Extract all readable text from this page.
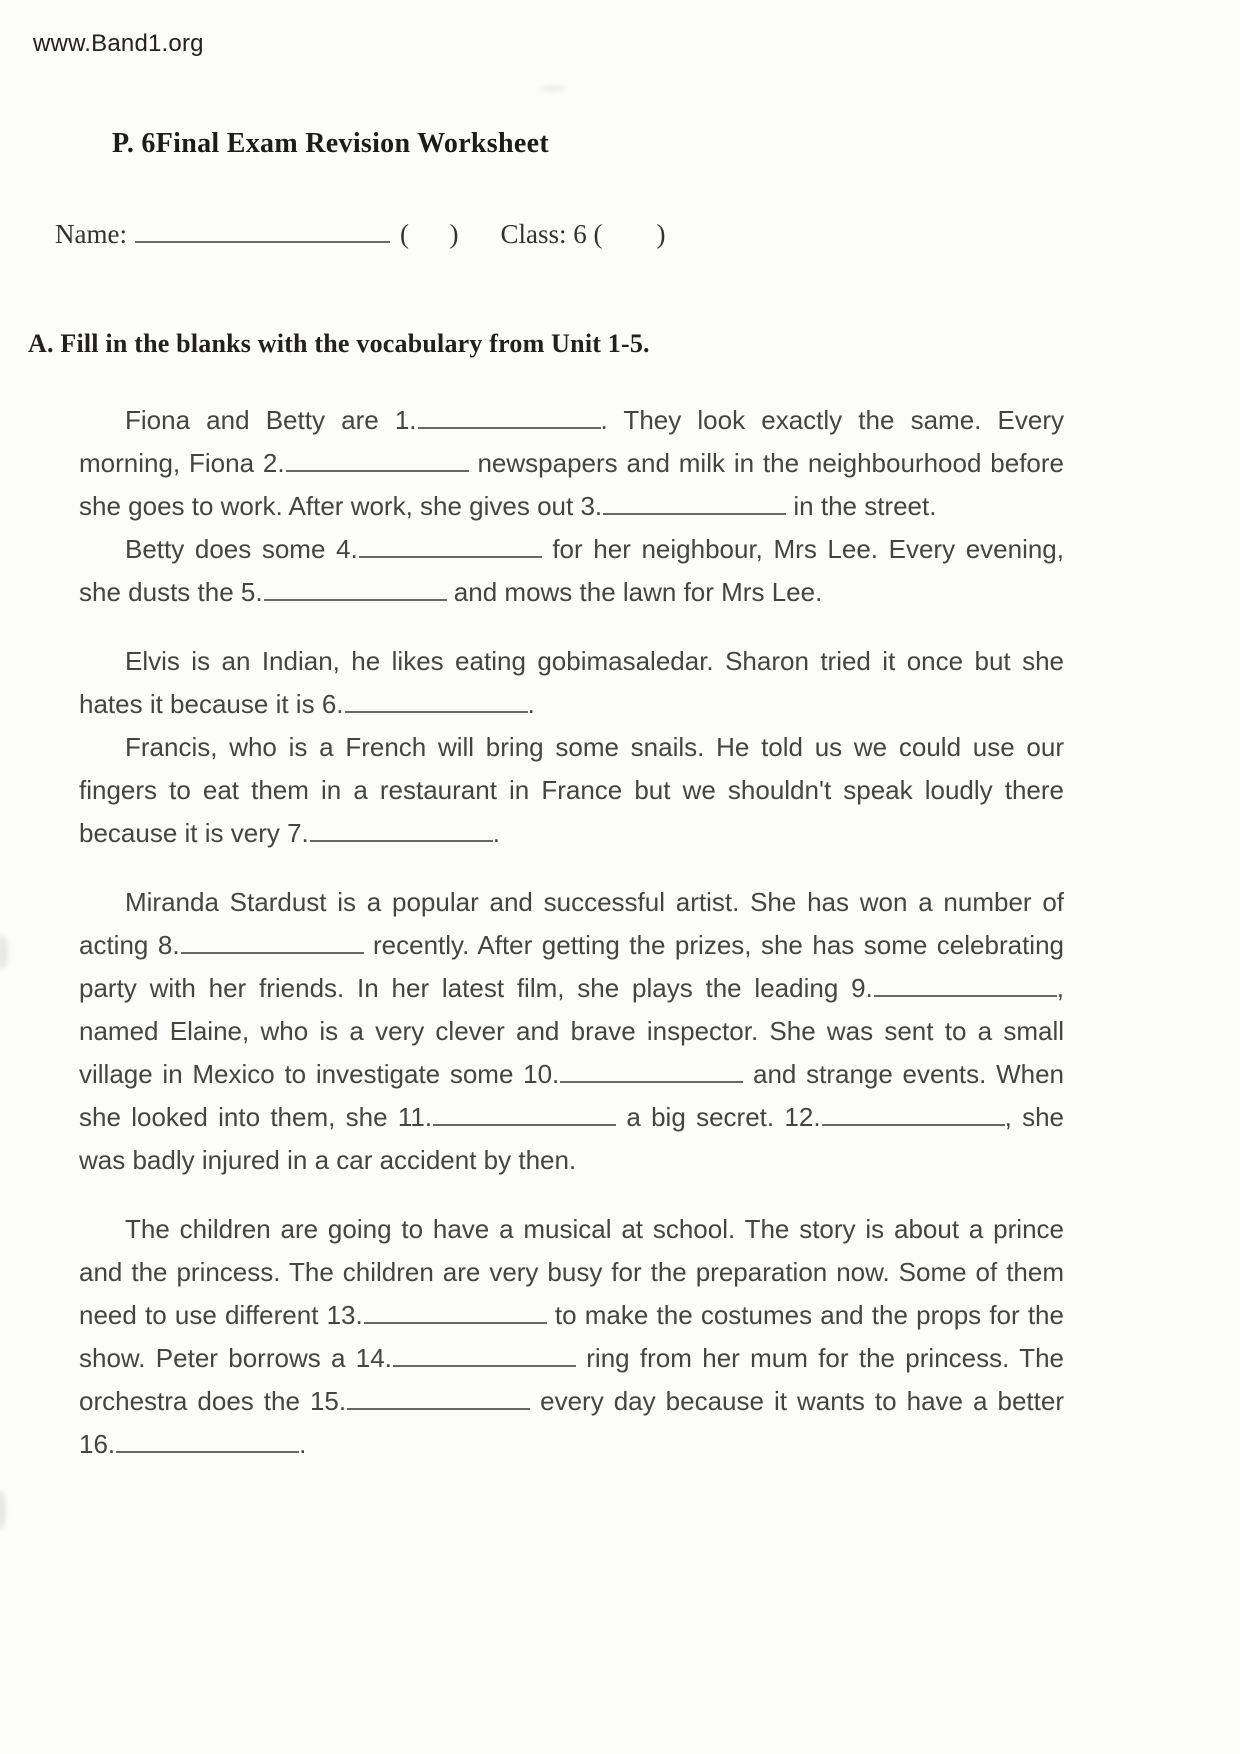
www.Band1.org
P. 6Final Exam Revision Worksheet

Name:	(      ) Class: 6 (        )

A. Fill in the blanks with the vocabulary from Unit 1-5.

Fiona and Betty are 1.	. They look exactly the same. Every morning, Fiona 2.	newspapers and milk in the neighbourhood before she goes to work. After work, she gives out 3.	in the street.

Betty does some 4.	for her neighbour, Mrs Lee. Every evening, she dusts the 5.	and mows the lawn for Mrs Lee.

Elvis is an Indian, he likes eating gobimasaledar. Sharon tried it once but she hates it because it is 6.	.

Francis, who is a French will bring some snails. He told us we could use our fingers to eat them in a restaurant in France but we shouldn't speak loudly there because it is very 7.	.

Miranda Stardust is a popular and successful artist. She has won a number of acting 8.	recently. After getting the prizes, she has some celebrating party with her friends. In her latest film, she plays the leading 9.	, named Elaine, who is a very clever and brave inspector. She was sent to a small village in Mexico to investigate some 10.	and strange events. When she looked into them, she 11.	a big secret. 12.	, she was badly injured in a car accident by then.

The children are going to have a musical at school. The story is about a prince and the princess. The children are very busy for the preparation now. Some of them need to use different 13.	to make the costumes and the props for the show. Peter borrows a 14.	ring from her mum for the princess. The orchestra does the 15.	every day because it wants to have a better 16.	.
